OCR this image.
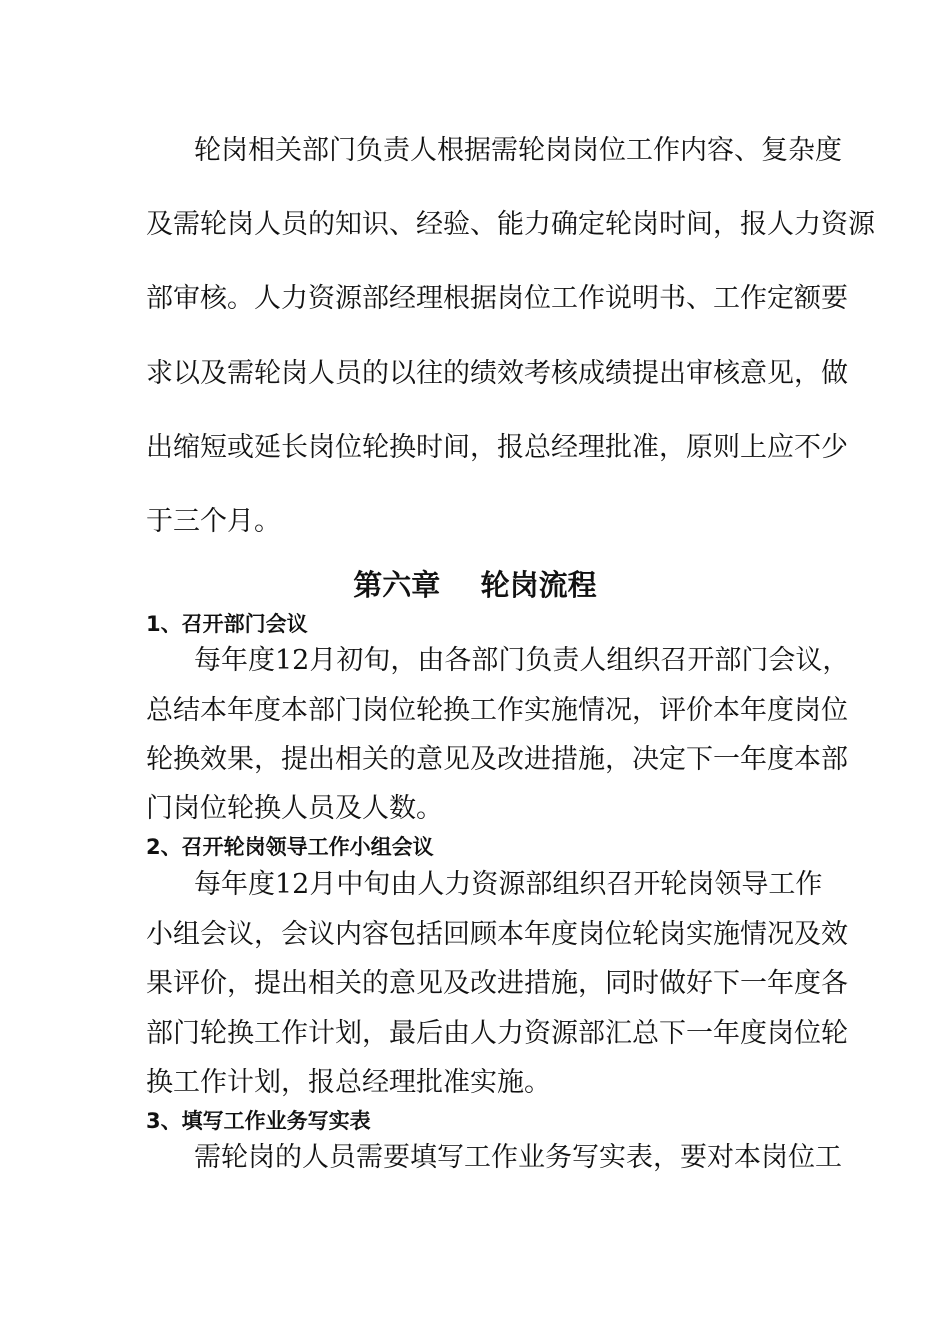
轮岗相关部门负责人根据需轮岗岗位工作内容、复杂度
及需轮岗人员的知识、经验、能力确定轮岗时间，报人力资源
部审核。人力资源部经理根据岗位工作说明书、工作定额要
求以及需轮岗人员的以往的绩效考核成绩提出审核意见，做
出缩短或延长岗位轮换时间，报总经理批准，原则上应不少
于三个月。
第六章    轮岗流程
1、召开部门会议
每年度12月初旬，由各部门负责人组织召开部门会议，
总结本年度本部门岗位轮换工作实施情况，评价本年度岗位
轮换效果，提出相关的意见及改进措施，决定下一年度本部
门岗位轮换人员及人数。
2、召开轮岗领导工作小组会议
每年度12月中旬由人力资源部组织召开轮岗领导工作
小组会议，会议内容包括回顾本年度岗位轮岗实施情况及效
果评价，提出相关的意见及改进措施，同时做好下一年度各
部门轮换工作计划，最后由人力资源部汇总下一年度岗位轮
换工作计划，报总经理批准实施。
3、填写工作业务写实表
需轮岗的人员需要填写工作业务写实表，要对本岗位工
